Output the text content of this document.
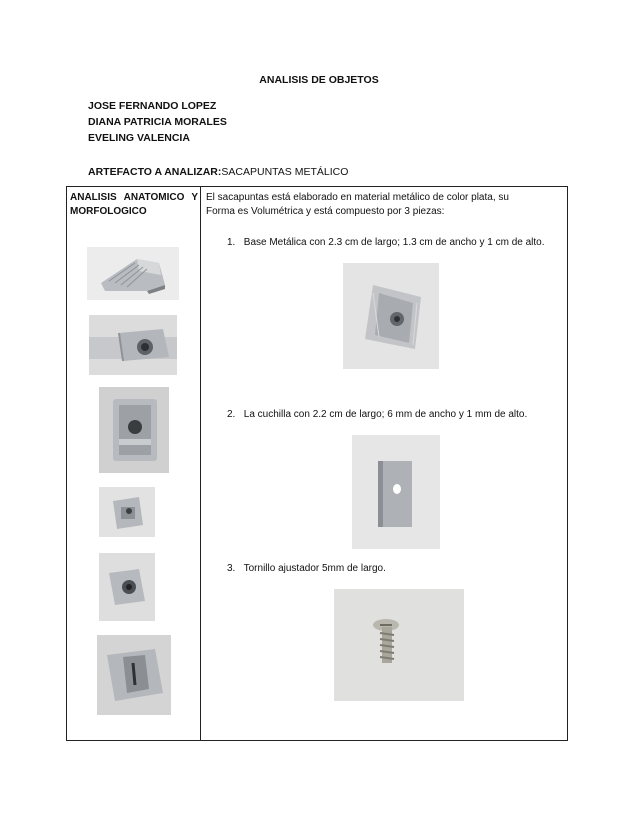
ANALISIS DE OBJETOS
JOSE FERNANDO LOPEZ
DIANA PATRICIA MORALES
EVELING VALENCIA
ARTEFACTO A ANALIZAR:SACAPUNTAS METÁLICO
ANALISIS ANATOMICO Y
MORFOLOGICO
El sacapuntas está elaborado en material metálico de color plata, su
Forma es Volumétrica y está compuesto por 3 piezas:
1. Base Metálica con 2.3 cm de largo; 1.3 cm de ancho y 1 cm de alto.
2. La cuchilla con 2.2 cm de largo; 6 mm de ancho y 1 mm de alto.
3. Tornillo ajustador 5mm de largo.
